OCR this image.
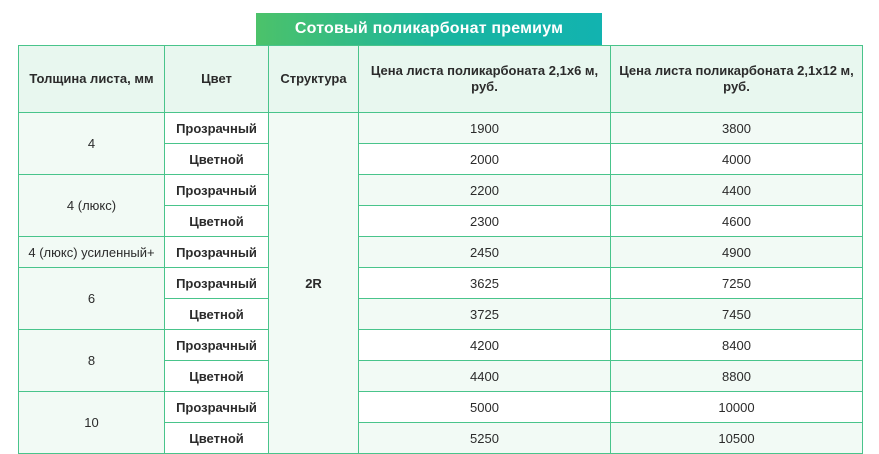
Сотовый поликарбонат премиум
Толщина листа, мм	Цвет	Структура	Цена листа поликарбоната 2,1х6 м, руб.	Цена листа поликарбоната 2,1х12 м, руб.
4	Прозрачный	2R	1900	3800
	Цветной		2000	4000
4 (люкс)	Прозрачный		2200	4400
	Цветной		2300	4600
4 (люкс) усиленный+	Прозрачный		2450	4900
6	Прозрачный		3625	7250
	Цветной		3725	7450
8	Прозрачный		4200	8400
	Цветной		4400	8800
10	Прозрачный		5000	10000
	Цветной		5250	10500
